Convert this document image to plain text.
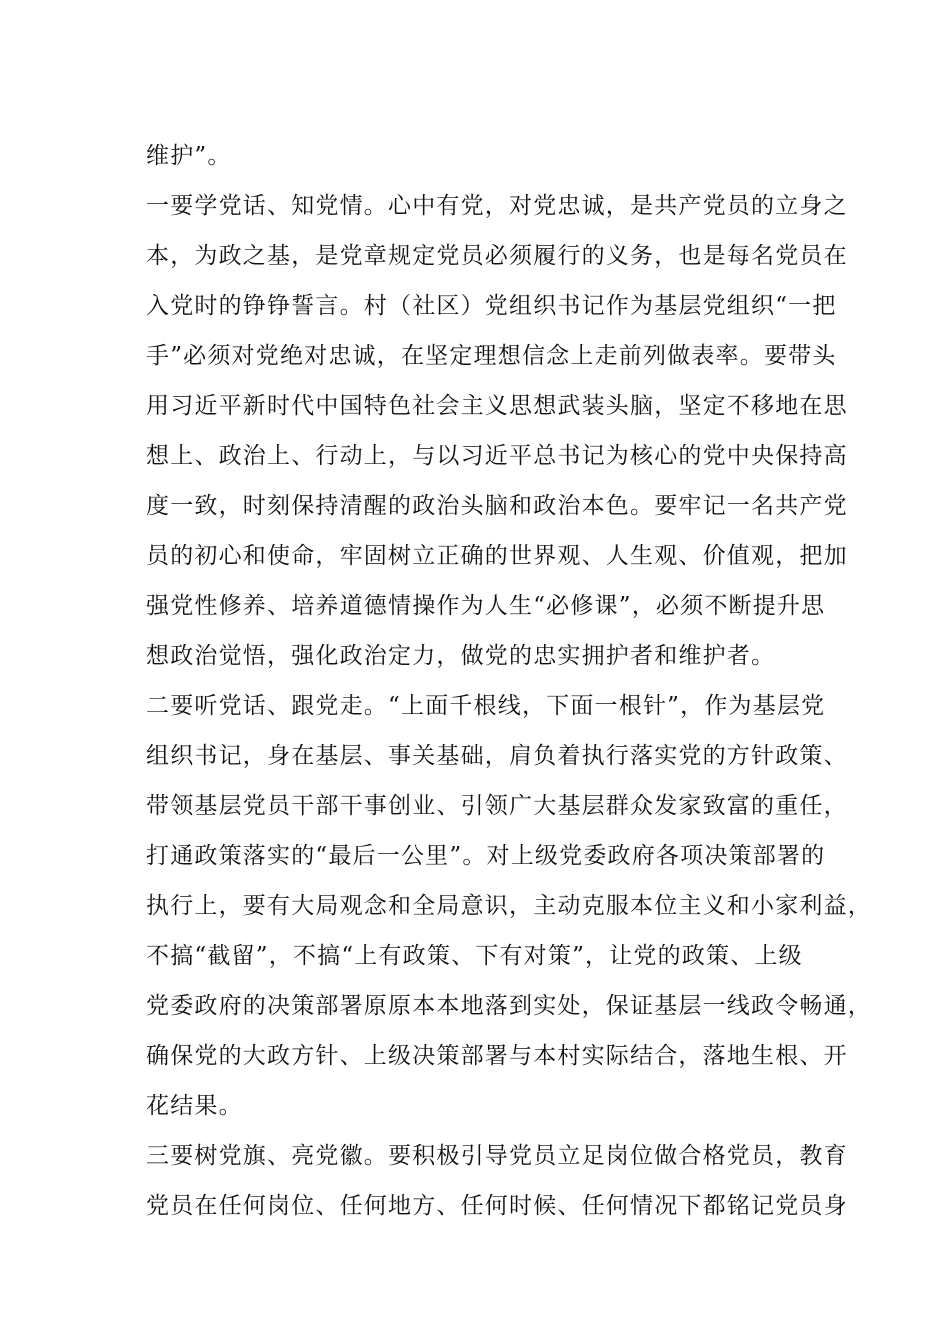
维护”。
一要学党话、知党情。心中有党，对党忠诚，是共产党员的立身之
本，为政之基，是党章规定党员必须履行的义务，也是每名党员在
入党时的铮铮誓言。村（社区）党组织书记作为基层党组织“一把
手”必须对党绝对忠诚，在坚定理想信念上走前列做表率。要带头
用习近平新时代中国特色社会主义思想武装头脑，坚定不移地在思
想上、政治上、行动上，与以习近平总书记为核心的党中央保持高
度一致，时刻保持清醒的政治头脑和政治本色。要牢记一名共产党
员的初心和使命，牢固树立正确的世界观、人生观、价值观，把加
强党性修养、培养道德情操作为人生“必修课”，必须不断提升思
想政治觉悟，强化政治定力，做党的忠实拥护者和维护者。
二要听党话、跟党走。“上面千根线，下面一根针”，作为基层党
组织书记，身在基层、事关基础，肩负着执行落实党的方针政策、
带领基层党员干部干事创业、引领广大基层群众发家致富的重任，
打通政策落实的“最后一公里”。对上级党委政府各项决策部署的
执行上，要有大局观念和全局意识，主动克服本位主义和小家利益，
不搞“截留”，不搞“上有政策、下有对策”，让党的政策、上级
党委政府的决策部署原原本本地落到实处，保证基层一线政令畅通，
确保党的大政方针、上级决策部署与本村实际结合，落地生根、开
花结果。
三要树党旗、亮党徽。要积极引导党员立足岗位做合格党员，教育
党员在任何岗位、任何地方、任何时候、任何情况下都铭记党员身
